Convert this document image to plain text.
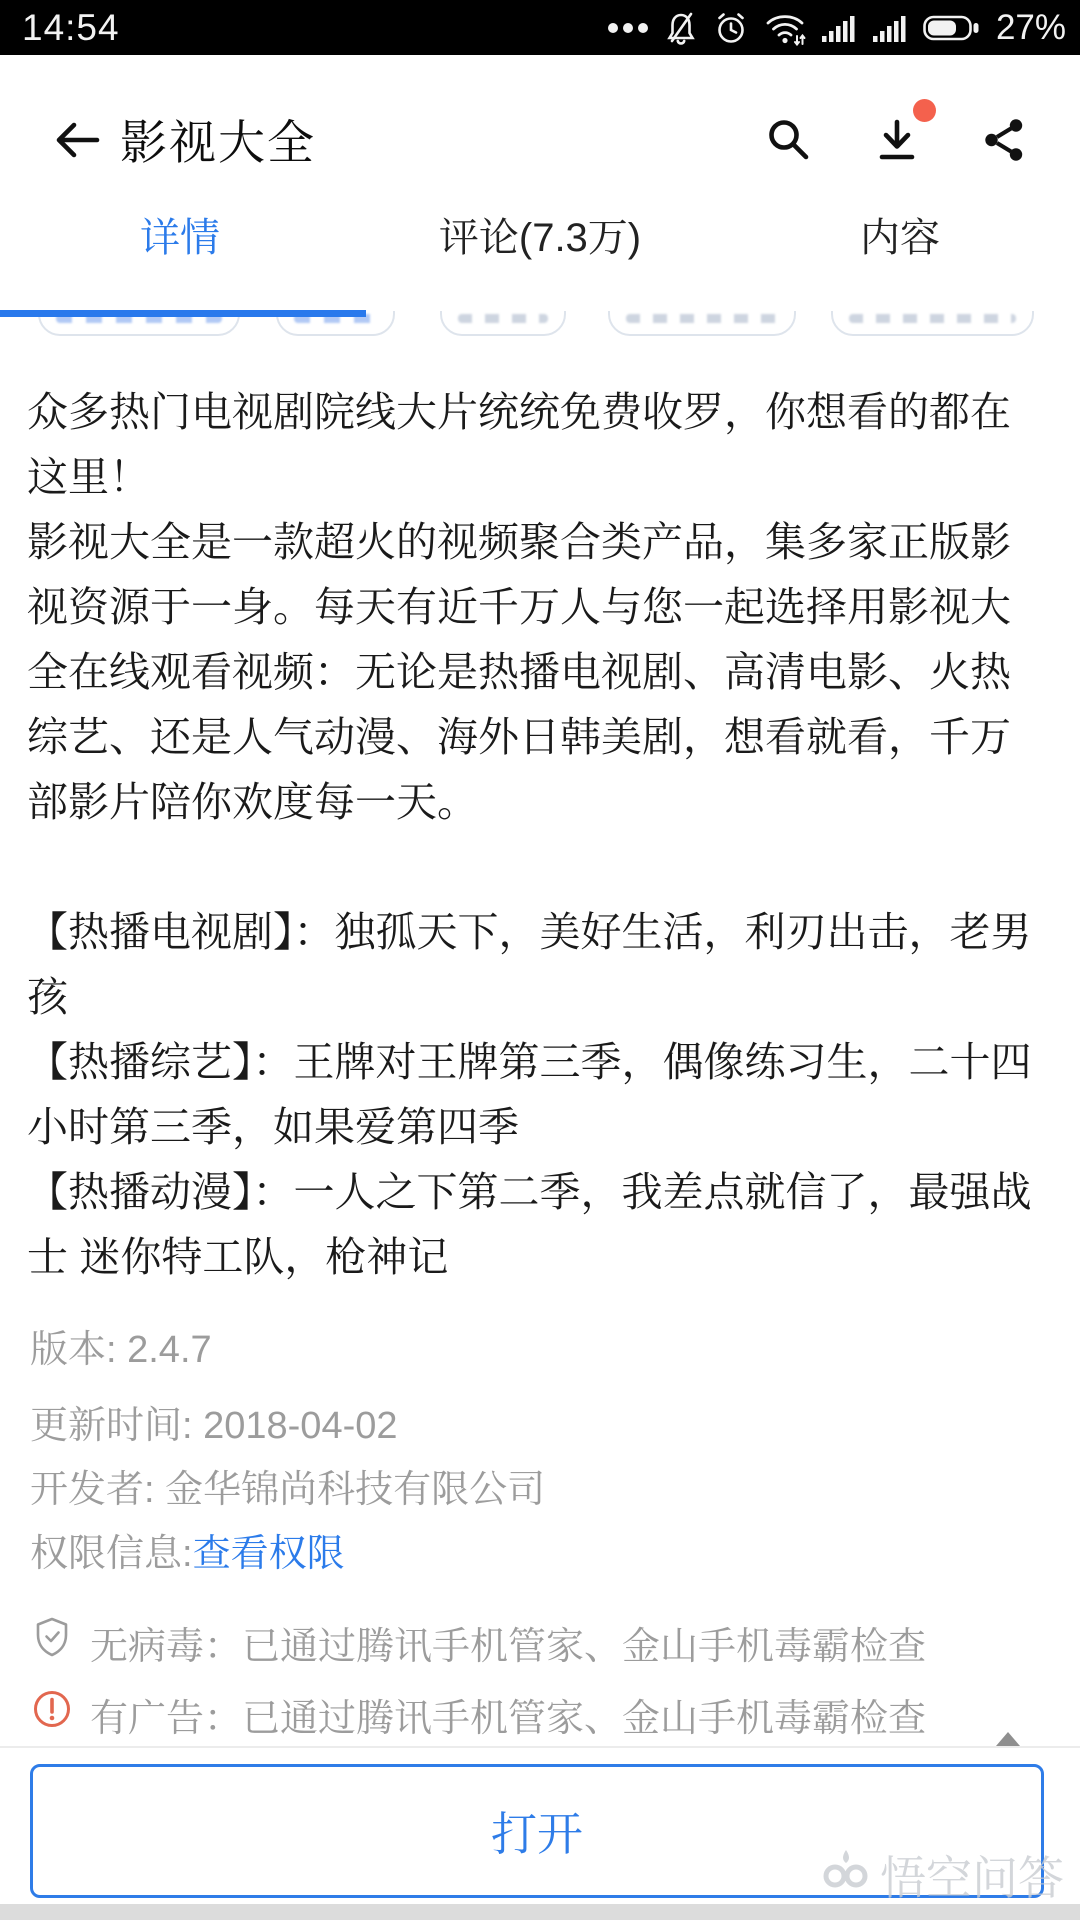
14:54	27%
影视大全
详情	评论(7.3万)	内容
众多热门电视剧院线大片统统免费收罗，你想看的都在
这里！
影视大全是一款超火的视频聚合类产品，集多家正版影
视资源于一身。每天有近千万人与您一起选择用影视大
全在线观看视频：无论是热播电视剧、高清电影、火热
综艺、还是人气动漫、海外日韩美剧，想看就看，千万
部影片陪你欢度每一天。
【热播电视剧】：独孤天下，美好生活，利刃出击，老男
孩
【热播综艺】：王牌对王牌第三季，偶像练习生，二十四
小时第三季，如果爱第四季
【热播动漫】：一人之下第二季，我差点就信了，最强战
士 迷你特工队，枪神记
版本: 2.4.7
更新时间: 2018-04-02
开发者: 金华锦尚科技有限公司
权限信息:查看权限
无病毒：已通过腾讯手机管家、金山手机毒霸检查
有广告：已通过腾讯手机管家、金山手机毒霸检查
打开
悟空问答
